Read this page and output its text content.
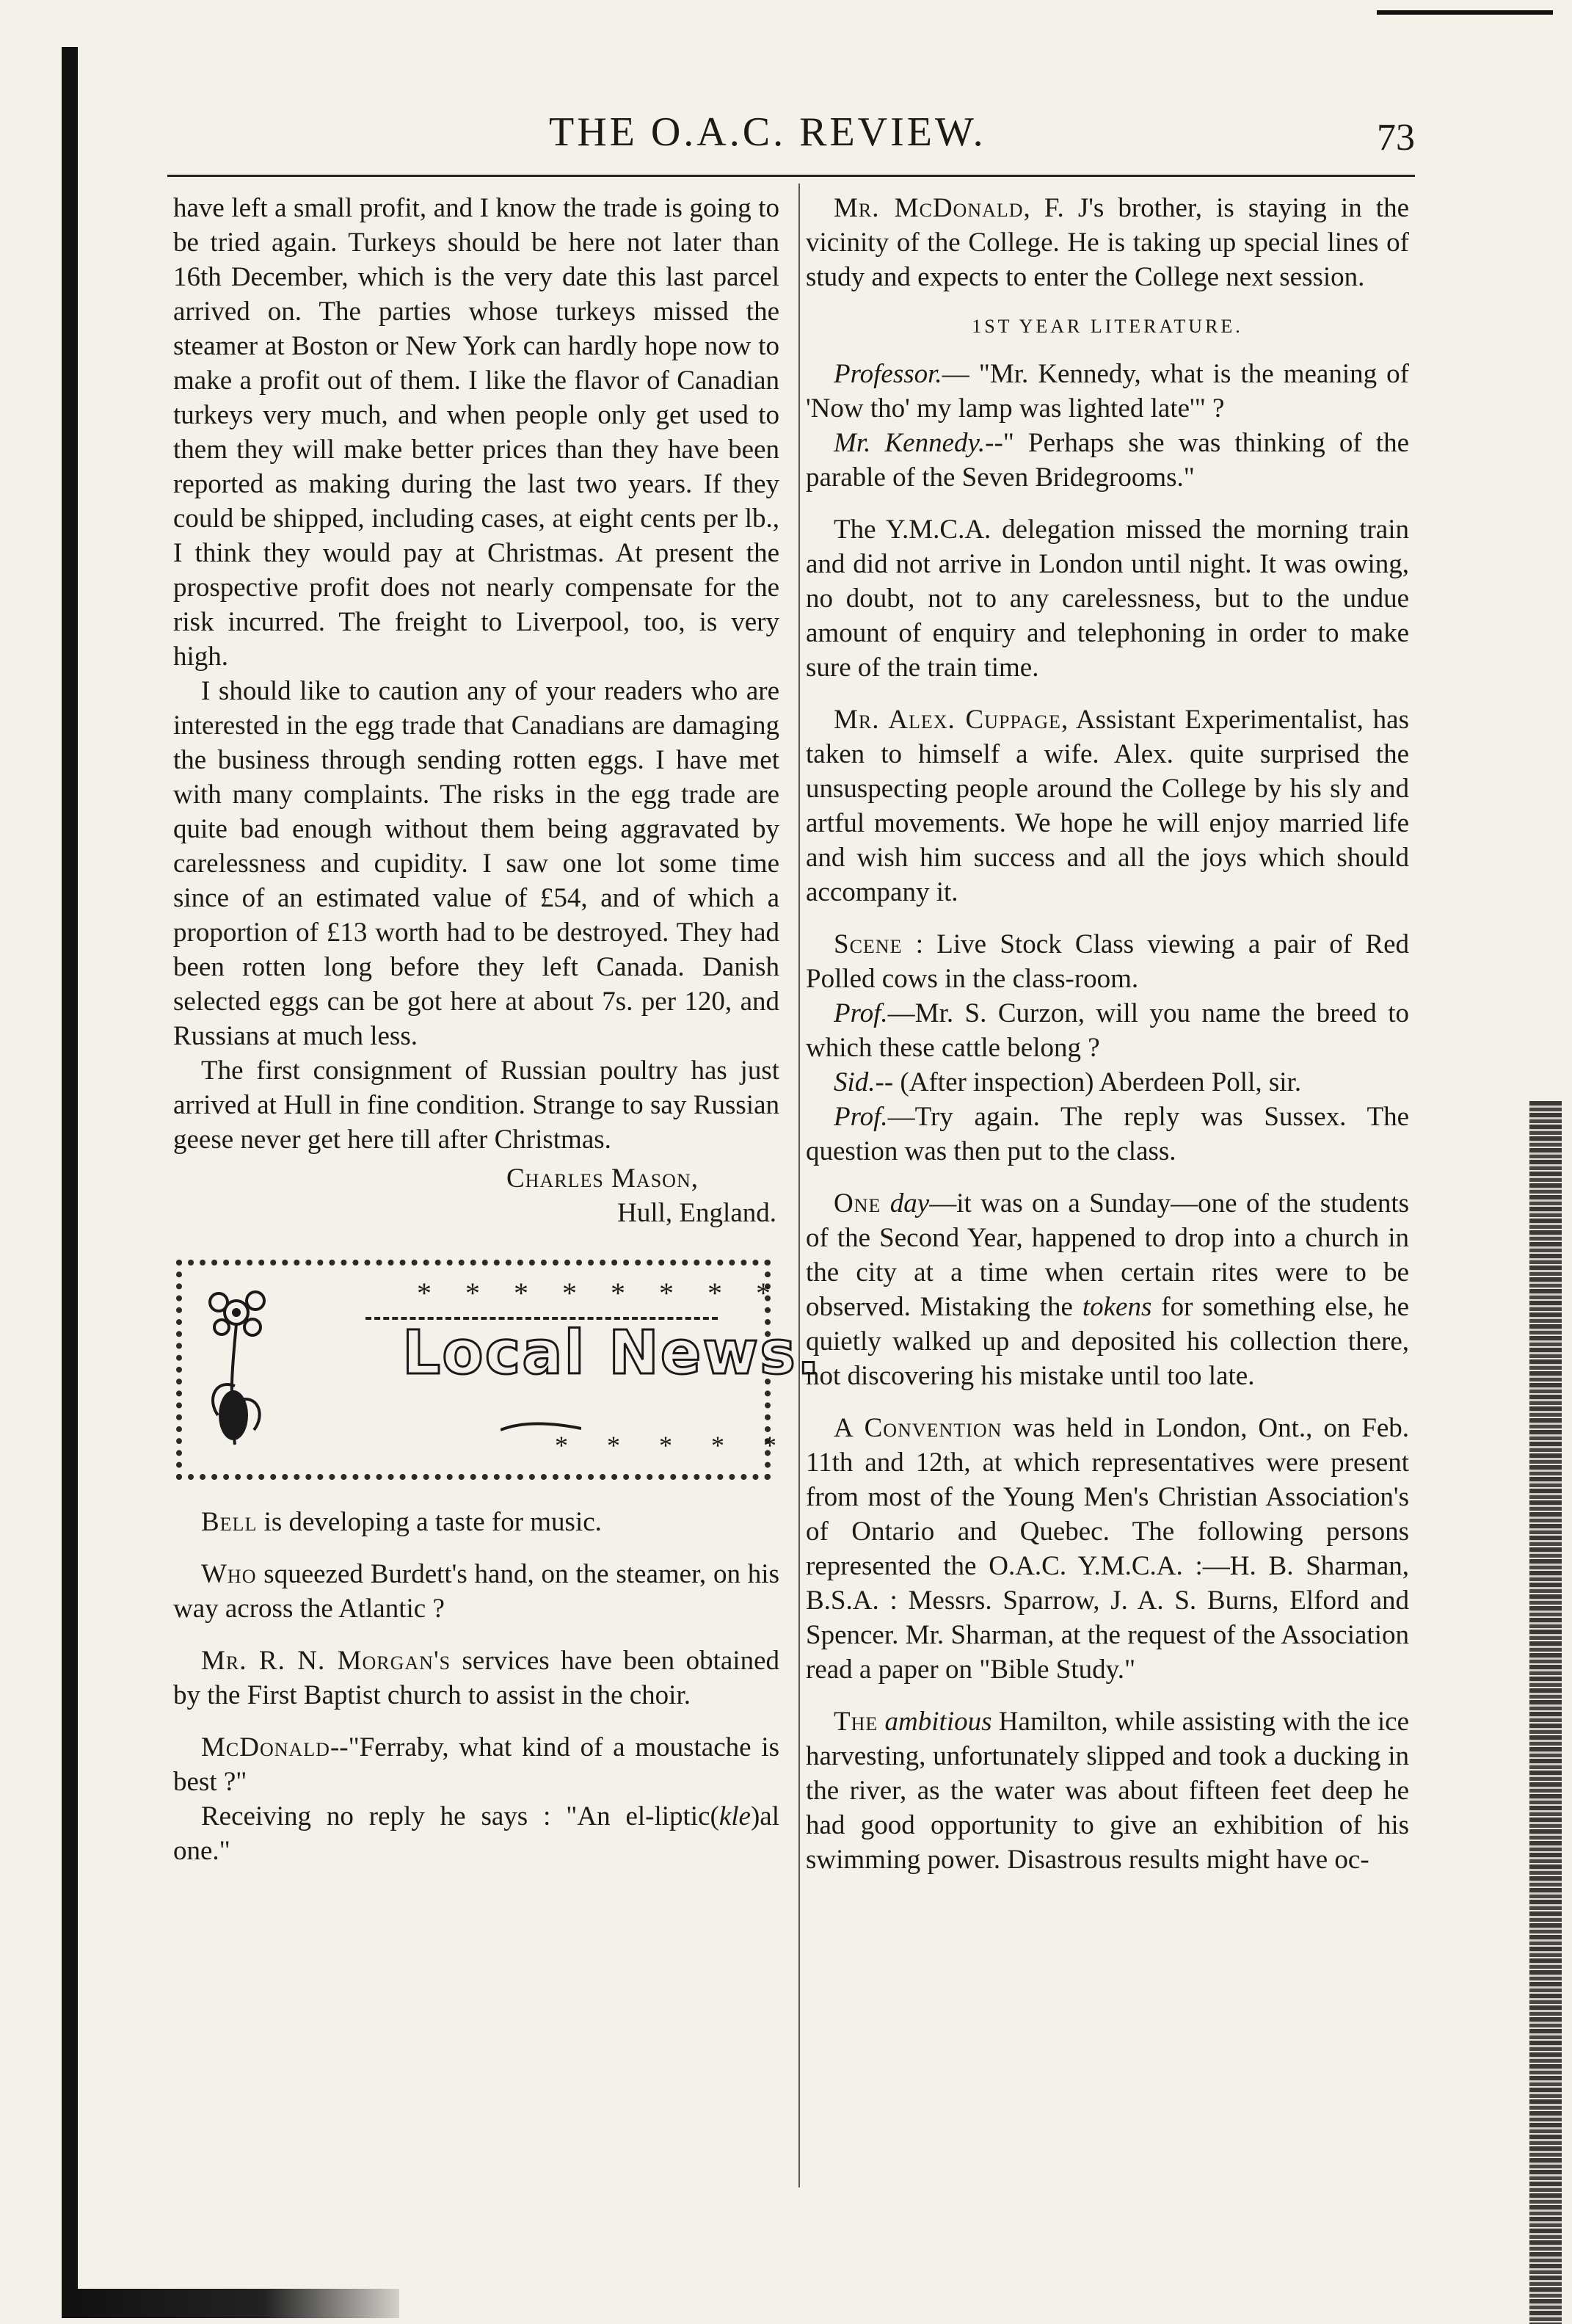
THE O.A.C. REVIEW.	73

have left a small profit, and I know the trade is going to be tried again. Turkeys should be here not later than 16th December, which is the very date this last parcel arrived on. The parties whose turkeys missed the steamer at Boston or New York can hardly hope now to make a profit out of them. I like the flavor of Canadian turkeys very much, and when people only get used to them they will make better prices than they have been reported as making during the last two years. If they could be shipped, including cases, at eight cents per lb., I think they would pay at Christmas. At present the prospective profit does not nearly compensate for the risk incurred. The freight to Liverpool, too, is very high.

I should like to caution any of your readers who are interested in the egg trade that Canadians are damaging the business through sending rotten eggs. I have met with many complaints. The risks in the egg trade are quite bad enough without them being aggravated by carelessness and cupidity. I saw one lot some time since of an estimated value of £54, and of which a proportion of £13 worth had to be destroyed. They had been rotten long before they left Canada. Danish selected eggs can be got here at about 7s. per 120, and Russians at much less.

The first consignment of Russian poultry has just arrived at Hull in fine condition. Strange to say Russian geese never get here till after Christmas.

Charles Mason,

Hull, England.

* * * * * * * *
Local News.
* * * * *

Bell is developing a taste for music.

Who squeezed Burdett's hand, on the steamer, on his way across the Atlantic ?

Mr. R. N. Morgan's services have been obtained by the First Baptist church to assist in the choir.

McDonald--"Ferraby, what kind of a moustache is best ?"

Receiving no reply he says : "An el-liptic(kle)al one."

Mr. McDonald, F. J's brother, is staying in the vicinity of the College. He is taking up special lines of study and expects to enter the College next session.

1ST YEAR LITERATURE.

Professor.— "Mr. Kennedy, what is the meaning of 'Now tho' my lamp was lighted late'" ?

Mr. Kennedy.--" Perhaps she was thinking of the parable of the Seven Bridegrooms."

The Y.M.C.A. delegation missed the morning train and did not arrive in London until night. It was owing, no doubt, not to any carelessness, but to the undue amount of enquiry and telephoning in order to make sure of the train time.

Mr. Alex. Cuppage, Assistant Experimentalist, has taken to himself a wife. Alex. quite surprised the unsuspecting people around the College by his sly and artful movements. We hope he will enjoy married life and wish him success and all the joys which should accompany it.

Scene : Live Stock Class viewing a pair of Red Polled cows in the class-room.

Prof.—Mr. S. Curzon, will you name the breed to which these cattle belong ?

Sid.-- (After inspection) Aberdeen Poll, sir.

Prof.—Try again. The reply was Sussex. The question was then put to the class.

One day—it was on a Sunday—one of the students of the Second Year, happened to drop into a church in the city at a time when certain rites were to be observed. Mistaking the tokens for something else, he quietly walked up and deposited his collection there, not discovering his mistake until too late.

A Convention was held in London, Ont., on Feb. 11th and 12th, at which representatives were present from most of the Young Men's Christian Association's of Ontario and Quebec. The following persons represented the O.A.C. Y.M.C.A. :—H. B. Sharman, B.S.A. : Messrs. Sparrow, J. A. S. Burns, Elford and Spencer. Mr. Sharman, at the request of the Association read a paper on "Bible Study."

The ambitious Hamilton, while assisting with the ice harvesting, unfortunately slipped and took a ducking in the river, as the water was about fifteen feet deep he had good opportunity to give an exhibition of his swimming power. Disastrous results might have oc-
